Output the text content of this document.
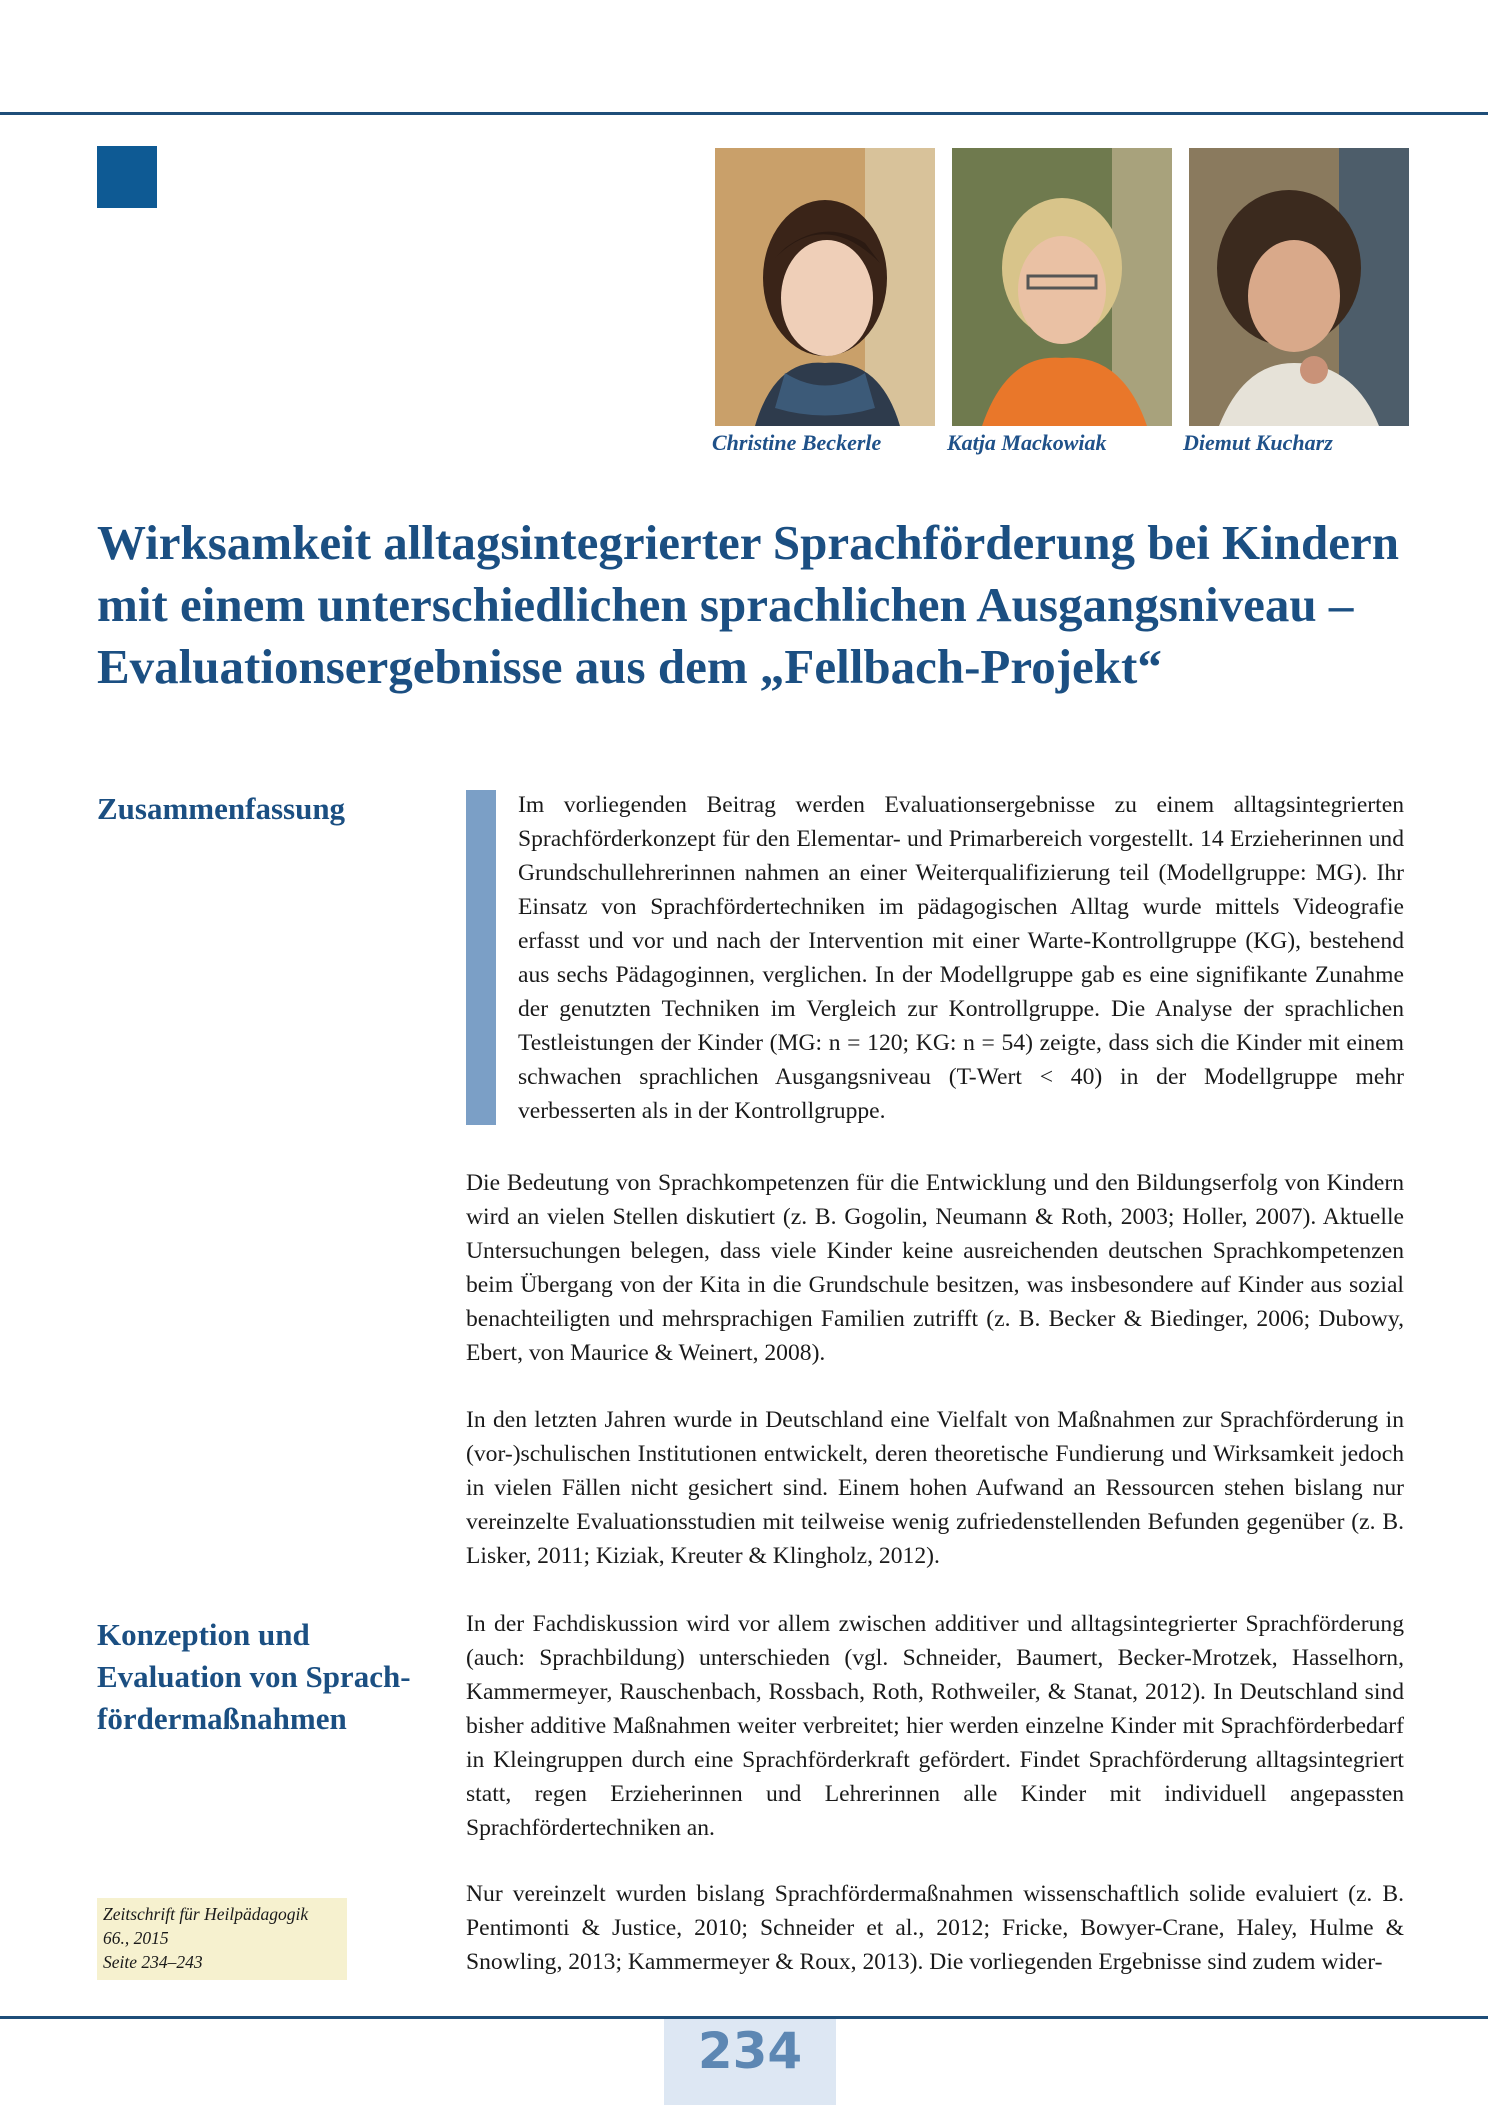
Christine Beckerle	Katja Mackowiak	Diemut Kucharz
Wirksamkeit alltagsintegrierter Sprachförderung bei Kindern mit einem unterschiedlichen sprachlichen Ausgangsniveau – Evaluationsergebnisse aus dem „Fellbach-Projekt“
Zusammenfassung	Im vorliegenden Beitrag werden Evaluationsergebnisse zu einem alltagsintegrierten Sprachförderkonzept für den Elementar- und Primarbereich vorgestellt. 14 Erzieherinnen und Grundschullehrerinnen nahmen an einer Weiterqualifizierung teil (Modellgruppe: MG). Ihr Einsatz von Sprachfördertechniken im pädagogischen Alltag wurde mittels Videografie erfasst und vor und nach der Intervention mit einer Warte-Kontrollgruppe (KG), bestehend aus sechs Pädagoginnen, verglichen. In der Modellgruppe gab es eine signifikante Zunahme der genutzten Techniken im Vergleich zur Kontrollgruppe. Die Analyse der sprachlichen Testleistungen der Kinder (MG: n = 120; KG: n = 54) zeigte, dass sich die Kinder mit einem schwachen sprachlichen Ausgangsniveau (T-Wert < 40) in der Modellgruppe mehr verbesserten als in der Kontrollgruppe.

Die Bedeutung von Sprachkompetenzen für die Entwicklung und den Bildungserfolg von Kindern wird an vielen Stellen diskutiert (z. B. Gogolin, Neumann & Roth, 2003; Holler, 2007). Aktuelle Untersuchungen belegen, dass viele Kinder keine ausreichenden deutschen Sprachkompetenzen beim Übergang von der Kita in die Grundschule besitzen, was insbesondere auf Kinder aus sozial benachteiligten und mehrsprachigen Familien zutrifft (z. B. Becker & Biedinger, 2006; Dubowy, Ebert, von Maurice & Weinert, 2008).

In den letzten Jahren wurde in Deutschland eine Vielfalt von Maßnahmen zur Sprachförderung in (vor-)schulischen Institutionen entwickelt, deren theoretische Fundierung und Wirksamkeit jedoch in vielen Fällen nicht gesichert sind. Einem hohen Aufwand an Ressourcen stehen bislang nur vereinzelte Evaluationsstudien mit teilweise wenig zufriedenstellenden Befunden gegenüber (z. B. Lisker, 2011; Kiziak, Kreuter & Klingholz, 2012).

Konzeption und Evaluation von Sprach-fördermaßnahmen

In der Fachdiskussion wird vor allem zwischen additiver und alltagsintegrierter Sprachförderung (auch: Sprachbildung) unterschieden (vgl. Schneider, Baumert, Becker-Mrotzek, Hasselhorn, Kammermeyer, Rauschenbach, Rossbach, Roth, Rothweiler, & Stanat, 2012). In Deutschland sind bisher additive Maßnahmen weiter verbreitet; hier werden einzelne Kinder mit Sprachförderbedarf in Kleingruppen durch eine Sprachförderkraft gefördert. Findet Sprachförderung alltagsintegriert statt, regen Erzieherinnen und Lehrerinnen alle Kinder mit individuell angepassten Sprachfördertechniken an.

Nur vereinzelt wurden bislang Sprachfördermaßnahmen wissenschaftlich solide evaluiert (z. B. Pentimonti & Justice, 2010; Schneider et al., 2012; Fricke, Bowyer-Crane, Haley, Hulme & Snowling, 2013; Kammermeyer & Roux, 2013). Die vorliegenden Ergebnisse sind zudem wider-

Zeitschrift für Heilpädagogik
66., 2015
Seite 234–243
234
